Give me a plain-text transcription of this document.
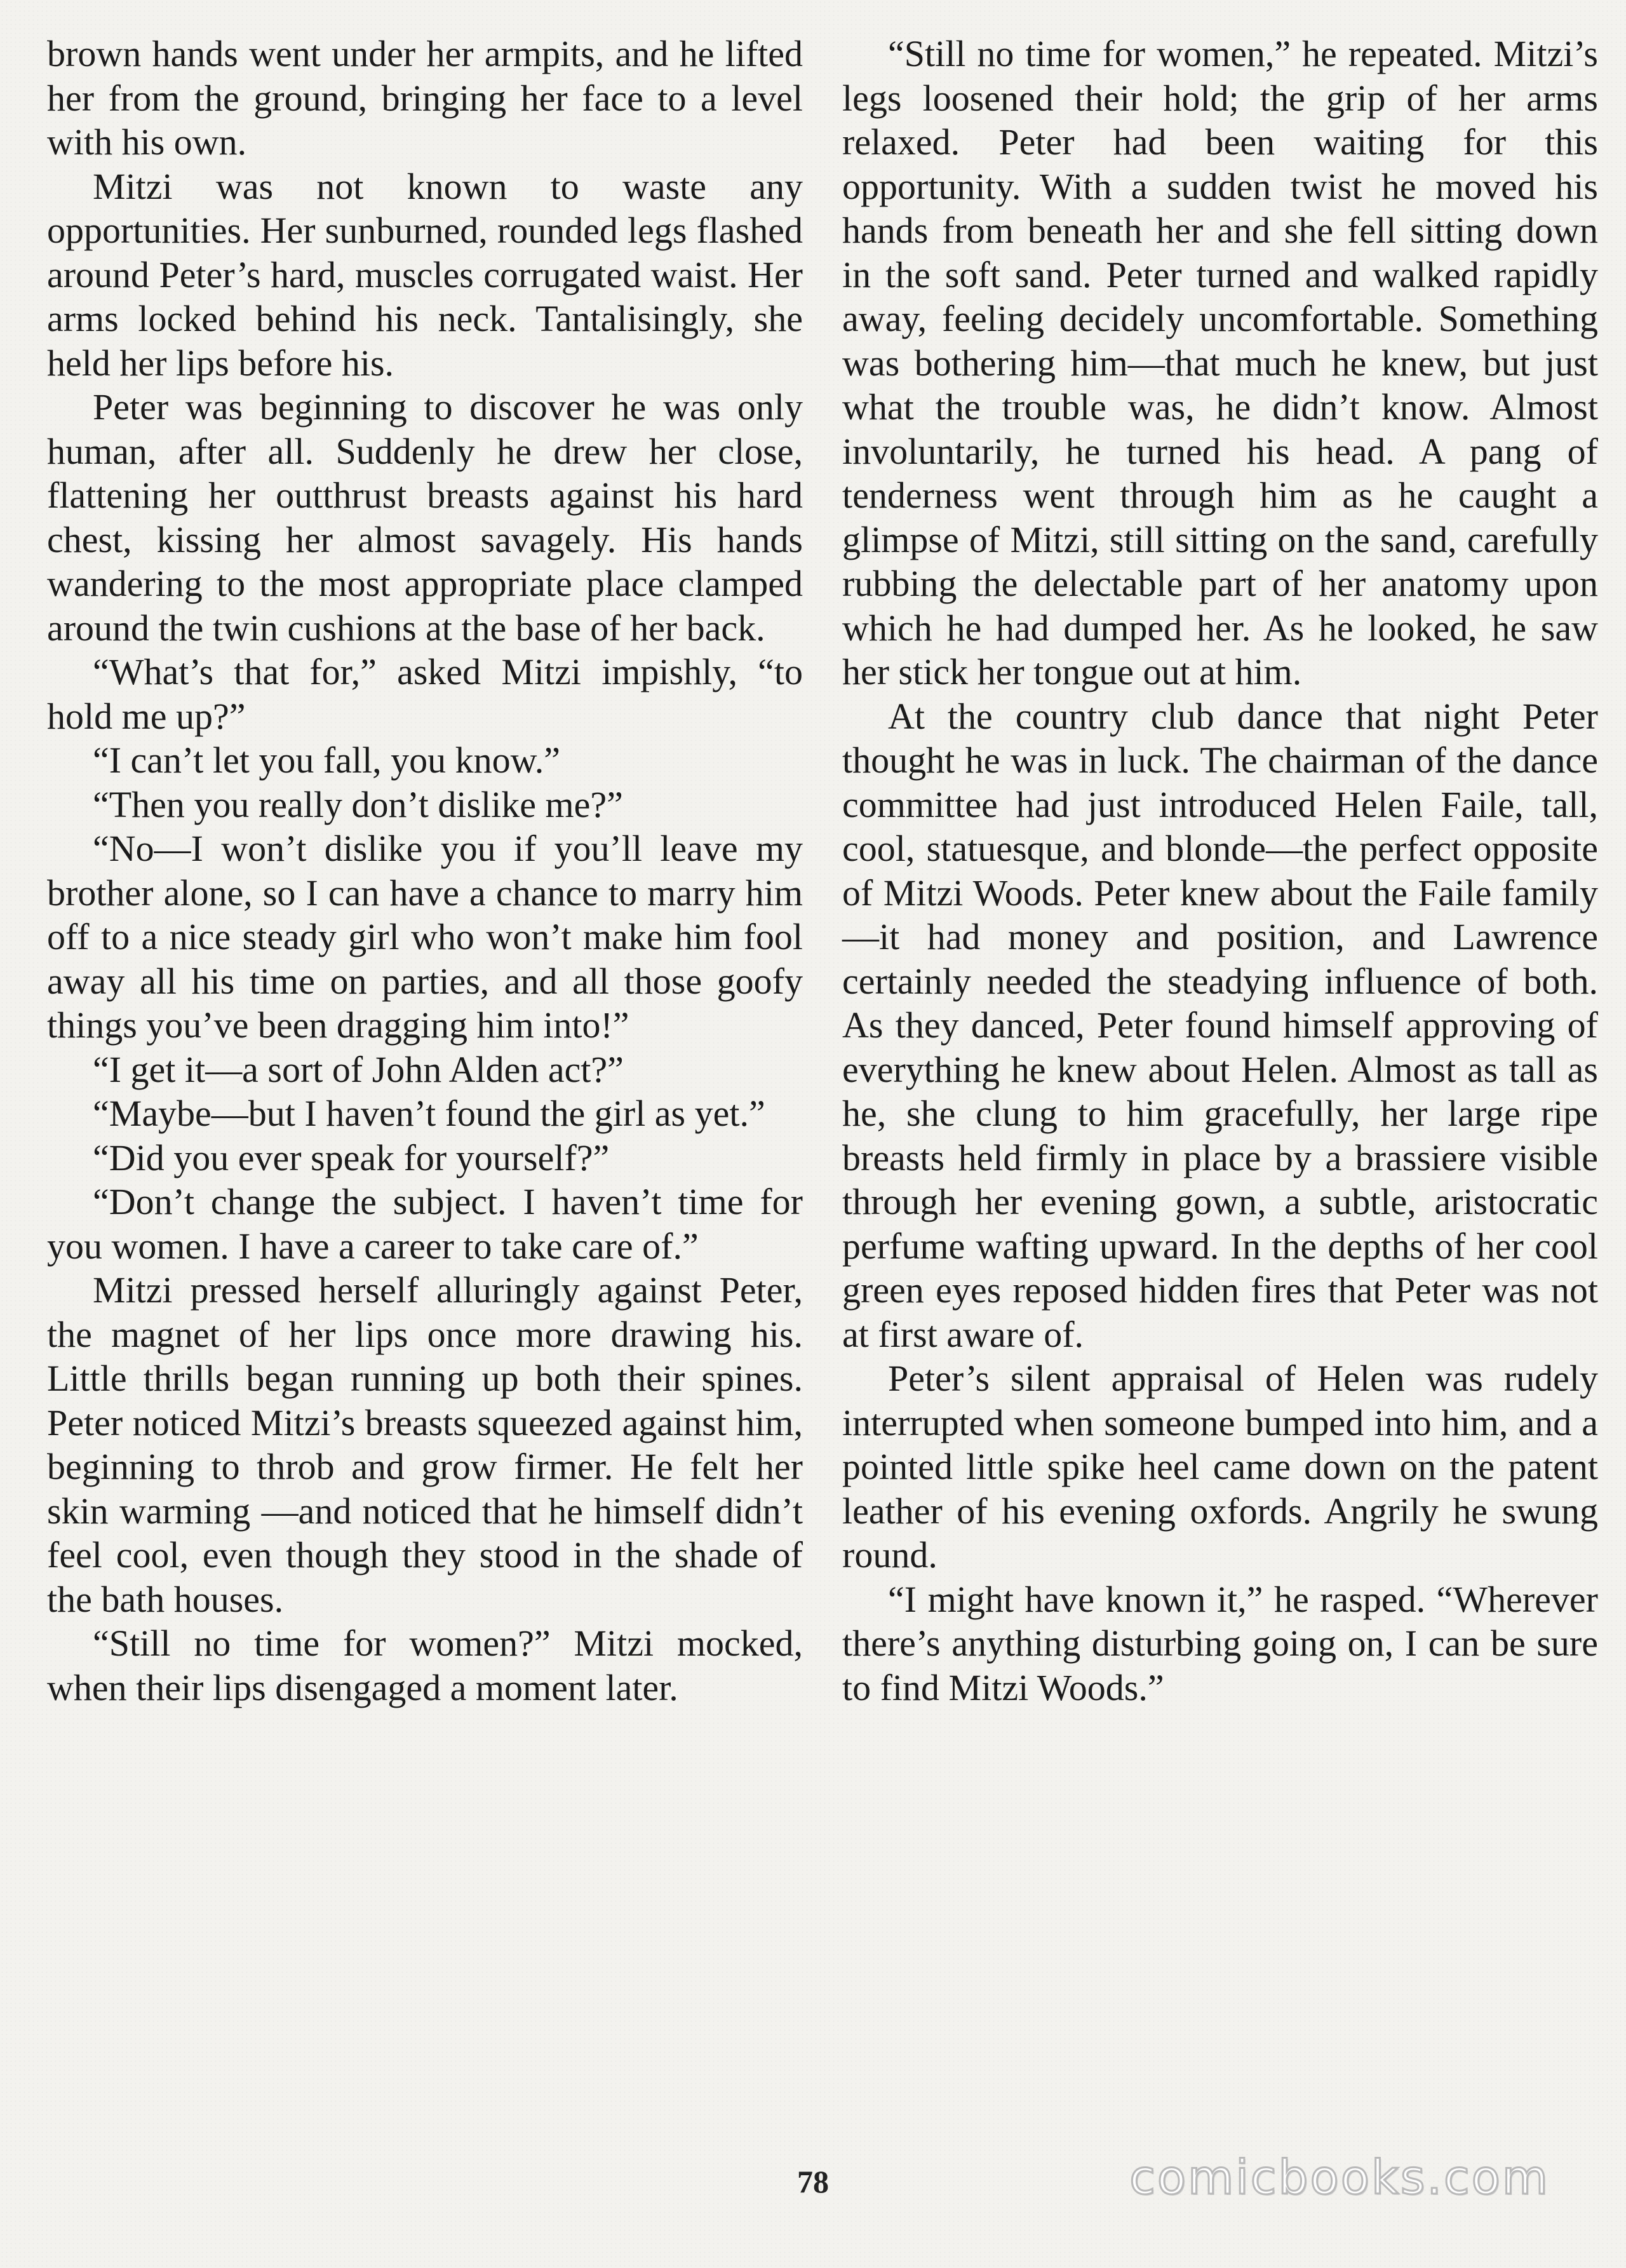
brown hands went under her armpits, and he lifted her from the ground, bringing her face to a level with his own.

Mitzi was not known to waste any opportunities. Her sunburned, rounded legs flashed around Peter’s hard, muscles corrugated waist. Her arms locked behind his neck. Tantalisingly, she held her lips before his.

Peter was beginning to discover he was only human, after all. Suddenly he drew her close, flattening her outthrust breasts against his hard chest, kissing her almost savagely. His hands wandering to the most appropriate place clamped around the twin cushions at the base of her back.

“What’s that for,” asked Mitzi impishly, “to hold me up?”

“I can’t let you fall, you know.”

“Then you really don’t dislike me?”

“No—I won’t dislike you if you’ll leave my brother alone, so I can have a chance to marry him off to a nice steady girl who won’t make him fool away all his time on parties, and all those goofy things you’ve been dragging him into!”

“I get it—a sort of John Alden act?”

“Maybe—but I haven’t found the girl as yet.”

“Did you ever speak for yourself?”

“Don’t change the subject. I haven’t time for you women. I have a career to take care of.”

Mitzi pressed herself alluringly against Peter, the magnet of her lips once more drawing his. Little thrills began running up both their spines. Peter noticed Mitzi’s breasts squeezed against him, beginning to throb and grow firmer. He felt her skin warming —and noticed that he himself didn’t feel cool, even though they stood in the shade of the bath houses.

“Still no time for women?” Mitzi mocked, when their lips disengaged a moment later.

“Still no time for women,” he repeated. Mitzi’s legs loosened their hold; the grip of her arms relaxed. Peter had been waiting for this opportunity. With a sudden twist he moved his hands from beneath her and she fell sitting down in the soft sand. Peter turned and walked rapidly away, feeling decidely uncomfortable. Something was bothering him—that much he knew, but just what the trouble was, he didn’t know. Almost involuntarily, he turned his head. A pang of tenderness went through him as he caught a glimpse of Mitzi, still sitting on the sand, carefully rubbing the delectable part of her anatomy upon which he had dumped her. As he looked, he saw her stick her tongue out at him.

At the country club dance that night Peter thought he was in luck. The chairman of the dance committee had just introduced Helen Faile, tall, cool, statuesque, and blonde—the perfect opposite of Mitzi Woods. Peter knew about the Faile family—it had money and position, and Lawrence certainly needed the steadying influence of both. As they danced, Peter found himself approving of everything he knew about Helen. Almost as tall as he, she clung to him gracefully, her large ripe breasts held firmly in place by a brassiere visible through her evening gown, a subtle, aristocratic perfume wafting upward. In the depths of her cool green eyes reposed hidden fires that Peter was not at first aware of.

Peter’s silent appraisal of Helen was rudely interrupted when someone bumped into him, and a pointed little spike heel came down on the patent leather of his evening oxfords. Angrily he swung round.

“I might have known it,” he rasped. “Wherever there’s anything disturbing going on, I can be sure to find Mitzi Woods.”

78	comicbooks.com
